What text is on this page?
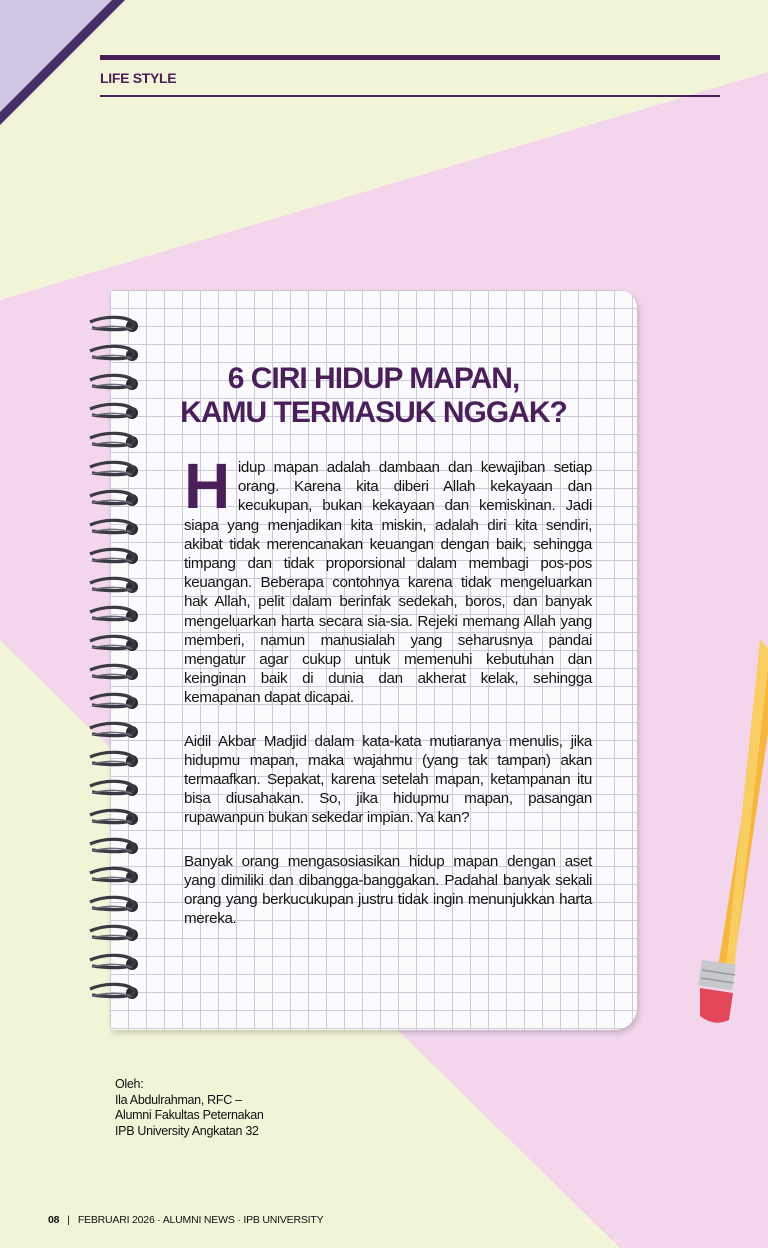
LIFE STYLE
6 CIRI HIDUP MAPAN,
KAMU TERMASUK NGGAK?

Hidup mapan adalah dambaan dan kewajiban setiap orang. Karena kita diberi Allah kekayaan dan kecukupan, bukan kekayaan dan kemiskinan. Jadi siapa yang menjadikan kita miskin, adalah diri kita sendiri, akibat tidak merencanakan keuangan dengan baik, sehingga timpang dan tidak proporsional dalam membagi pos-pos keuangan. Beberapa contohnya karena tidak mengeluarkan hak Allah, pelit dalam berinfak sedekah, boros, dan banyak mengeluarkan harta secara sia-sia. Rejeki memang Allah yang memberi, namun manusialah yang seharusnya pandai mengatur agar cukup untuk memenuhi kebutuhan dan keinginan baik di dunia dan akherat kelak, sehingga kemapanan dapat dicapai.

Aidil Akbar Madjid dalam kata-kata mutiaranya menulis, jika hidupmu mapan, maka wajahmu (yang tak tampan) akan termaafkan. Sepakat, karena setelah mapan, ketampanan itu bisa diusahakan. So, jika hidupmu mapan, pasangan rupawanpun bukan sekedar impian. Ya kan?

Banyak orang mengasosiasikan hidup mapan dengan aset yang dimiliki dan dibangga-banggakan. Padahal banyak sekali orang yang berkucukupan justru tidak ingin menunjukkan harta mereka.

Oleh:
Ila Abdulrahman, RFC –
Alumni Fakultas Peternakan
IPB University Angkatan 32
08 | FEBRUARI 2026 · ALUMNI NEWS · IPB UNIVERSITY
